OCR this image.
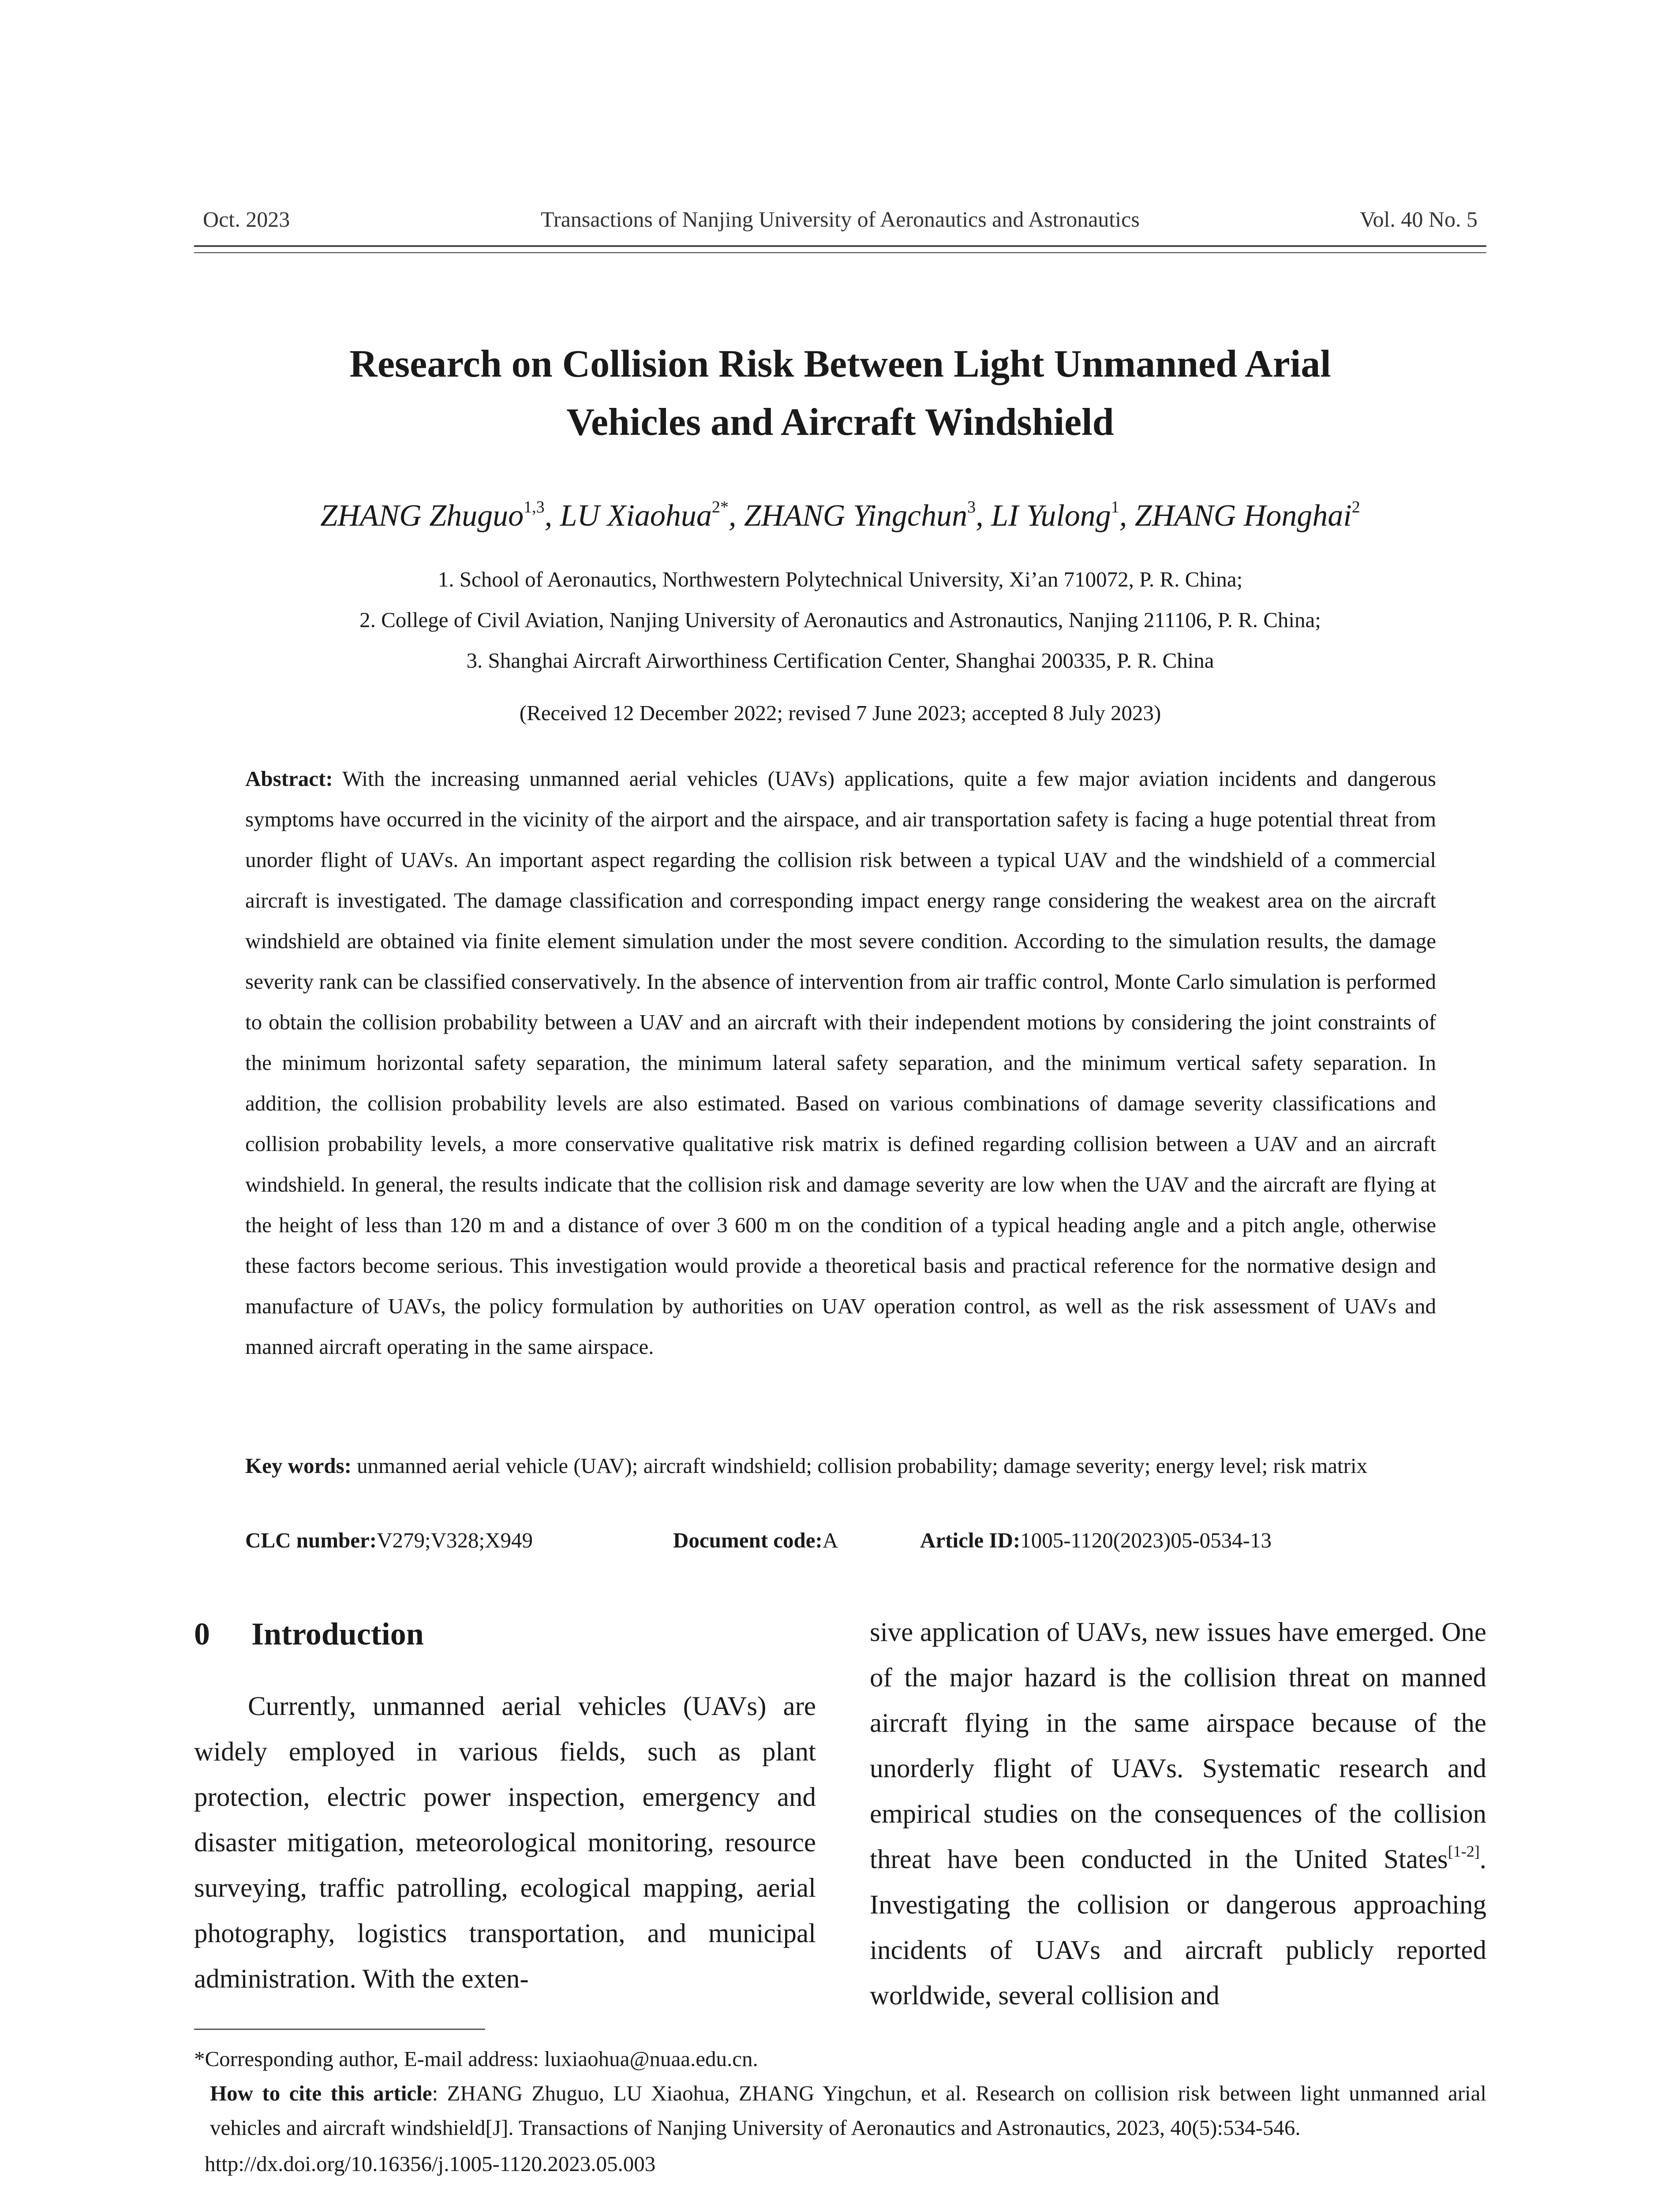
Oct. 2023	Transactions of Nanjing University of Aeronautics and Astronautics	Vol. 40 No. 5
Research on Collision Risk Between Light Unmanned Arial
Vehicles and Aircraft Windshield
ZHANG Zhuguo$^{1,3}$, LU Xiaohua$^{2*}$, ZHANG Yingchun$^3$, LI Yulong$^1$, ZHANG Honghai$^2$
1. School of Aeronautics, Northwestern Polytechnical University, Xi’an 710072, P. R. China;
2. College of Civil Aviation, Nanjing University of Aeronautics and Astronautics, Nanjing 211106, P. R. China;
3. Shanghai Aircraft Airworthiness Certification Center, Shanghai 200335, P. R. China
(Received 12 December 2022; revised 7 June 2023; accepted 8 July 2023)
Abstract: With the increasing unmanned aerial vehicles (UAVs) applications, quite a few major aviation incidents and dangerous symptoms have occurred in the vicinity of the airport and the airspace, and air transportation safety is facing a huge potential threat from unorder flight of UAVs. An important aspect regarding the collision risk between a typical UAV and the windshield of a commercial aircraft is investigated. The damage classification and corresponding impact energy range considering the weakest area on the aircraft windshield are obtained via finite element simulation under the most severe condition. According to the simulation results, the damage severity rank can be classified conservatively. In the absence of intervention from air traffic control, Monte Carlo simulation is performed to obtain the collision probability between a UAV and an aircraft with their independent motions by considering the joint constraints of the minimum horizontal safety separation, the minimum lateral safety separation, and the minimum vertical safety separation. In addition, the collision probability levels are also estimated. Based on various combinations of damage severity classifications and collision probability levels, a more conservative qualitative risk matrix is defined regarding collision between a UAV and an aircraft windshield. In general, the results indicate that the collision risk and damage severity are low when the UAV and the aircraft are flying at the height of less than 120 m and a distance of over 3 600 m on the condition of a typical heading angle and a pitch angle, otherwise these factors become serious. This investigation would provide a theoretical basis and practical reference for the normative design and manufacture of UAVs, the policy formulation by authorities on UAV operation control, as well as the risk assessment of UAVs and manned aircraft operating in the same airspace.
Key words: unmanned aerial vehicle (UAV); aircraft windshield; collision probability; damage severity; energy level; risk matrix
CLC number:V279;V328;X949	Document code:A	Article ID:1005-1120(2023)05-0534-13
0 Introduction

Currently, unmanned aerial vehicles (UAVs) are widely employed in various fields, such as plant protection, electric power inspection, emergency and disaster mitigation, meteorological monitoring, resource surveying, traffic patrolling, ecological mapping, aerial photography, logistics transportation, and municipal administration. With the exten-

sive application of UAVs, new issues have emerged. One of the major hazard is the collision threat on manned aircraft flying in the same airspace because of the unorderly flight of UAVs. Systematic research and empirical studies on the consequences of the collision threat have been conducted in the United States[1-2]. Investigating the collision or dangerous approaching incidents of UAVs and aircraft publicly reported worldwide, several collision and

*Corresponding author, E-mail address: luxiaohua@nuaa.edu.cn.
How to cite this article: ZHANG Zhuguo, LU Xiaohua, ZHANG Yingchun, et al. Research on collision risk between light unmanned arial vehicles and aircraft windshield[J]. Transactions of Nanjing University of Aeronautics and Astronautics, 2023, 40(5):534-546.
http://dx.doi.org/10.16356/j.1005-1120.2023.05.003
